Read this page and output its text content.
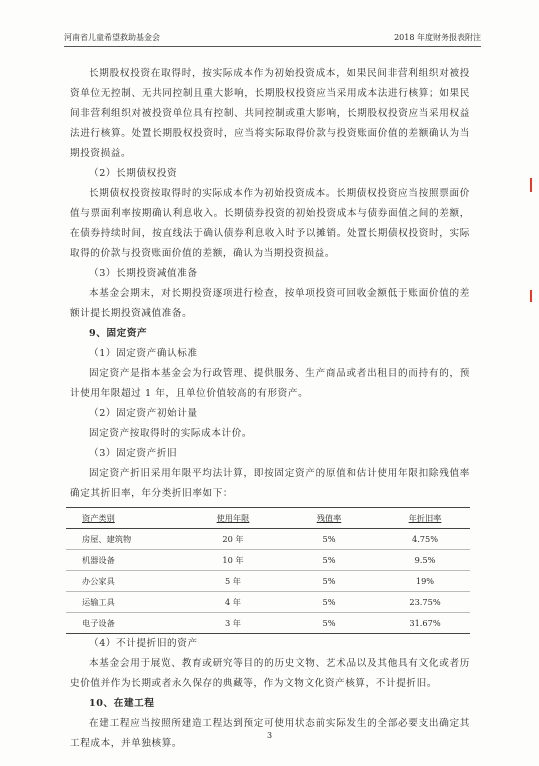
河南省儿童希望救助基金会	2018 年度财务报表附注

长期股权投资在取得时，按实际成本作为初始投资成本，如果民间非营利组织对被投资单位无控制、无共同控制且重大影响，长期股权投资应当采用成本法进行核算；如果民间非营利组织对被投资单位具有控制、共同控制或重大影响，长期股权投资应当采用权益法进行核算。处置长期股权投资时，应当将实际取得价款与投资账面价值的差额确认为当期投资损益。

（2）长期债权投资

长期债权投资按取得时的实际成本作为初始投资成本。长期债权投资应当按照票面价值与票面利率按期确认利息收入。长期债券投资的初始投资成本与债券面值之间的差额，在债券持续时间，按直线法于确认债券利息收入时予以摊销。处置长期债权投资时，实际取得的价款与投资账面价值的差额，确认为当期投资损益。

（3）长期投资减值准备

本基金会期末，对长期投资逐项进行检查，按单项投资可回收金额低于账面价值的差额计提长期投资减值准备。

9、固定资产

（1）固定资产确认标准

固定资产是指本基金会为行政管理、提供服务、生产商品或者出租目的而持有的，预计使用年限超过 1 年，且单位价值较高的有形资产。

（2）固定资产初始计量

固定资产按取得时的实际成本计价。

（3）固定资产折旧

固定资产折旧采用年限平均法计算，即按固定资产的原值和估计使用年限扣除残值率确定其折旧率，年分类折旧率如下：

资产类别	使用年限	残值率	年折旧率
房屋、建筑物	20 年	5%	4.75%
机器设备	10 年	5%	9.5%
办公家具	5 年	5%	19%
运输工具	4 年	5%	23.75%
电子设备	3 年	5%	31.67%

（4）不计提折旧的资产

本基金会用于展览、教育或研究等目的的历史文物、艺术品以及其他具有文化或者历史价值并作为长期或者永久保存的典藏等，作为文物文化资产核算，不计提折旧。

10、在建工程

在建工程应当按照所建造工程达到预定可使用状态前实际发生的全部必要支出确定其工程成本，并单独核算。

3
